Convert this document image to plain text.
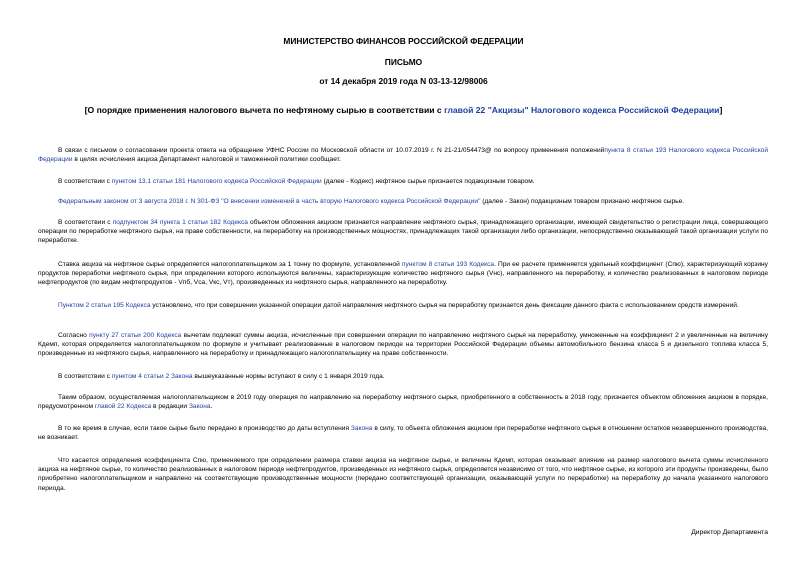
МИНИСТЕРСТВО ФИНАНСОВ РОССИЙСКОЙ ФЕДЕРАЦИИ
ПИСЬМО
от 14 декабря 2019 года N 03-13-12/98006
[О порядке применения налогового вычета по нефтяному сырью в соответствии с главой 22 "Акцизы" Налогового кодекса Российской Федерации]
В связи с письмом о согласовании проекта ответа на обращение УФНС России по Московской области от 10.07.2019 г. N 21-21/054473@ по вопросу применения положенийпункта 8 статьи 193 Налогового кодекса Российской Федерации в целях исчисления акциза Департамент налоговой и таможенной политики сообщает.
В соответствии с пунктом 13.1 статьи 181 Налогового кодекса Российской Федерации (далее - Кодекс) нефтяное сырье признается подакцизным товаром.
Федеральным законом от 3 августа 2018 г. N 301-ФЗ "О внесении изменений в часть вторую Налогового кодекса Российской Федерации" (далее - Закон) подакцизным товаром признано нефтяное сырье.
В соответствии с подпунктом 34 пункта 1 статьи 182 Кодекса объектом обложения акцизом признается направление нефтяного сырья, принадлежащего организации, имеющей свидетельство о регистрации лица, совершающего операции по переработке нефтяного сырья, на праве собственности, на переработку на производственных мощностях, принадлежащих такой организации либо организации, непосредственно оказывающей такой организации услуги по переработке.
Ставка акциза на нефтяное сырье определяется налогоплательщиком за 1 тонну по формуле, установленной пунктом 8 статьи 193 Кодекса. При ее расчете применяется удельный коэффициент (Спю), характеризующий корзину продуктов переработки нефтяного сырья, при определении которого используются величины, характеризующие количество нефтяного сырья (Vнс), направленного на переработку, и количество реализованных в налоговом периоде нефтепродуктов (по видам нефтепродуктов - Vпб, Vса, Vкс, Vт), произведенных из нефтяного сырья, направленного на переработку.
Пунктом 2 статьи 195 Кодекса установлено, что при совершении указанной операции датой направления нефтяного сырья на переработку признается день фиксации данного факта с использованием средств измерений.
Согласно пункту 27 статьи 200 Кодекса вычетам подлежат суммы акциза, исчисленные при совершении операции по направлению нефтяного сырья на переработку, умноженные на коэффициент 2 и увеличенные на величину Кдемп, которая определяется налогоплательщиком по формуле и учитывает реализованные в налоговом периоде на территории Российской Федерации объемы автомобильного бензина класса 5 и дизельного топлива класса 5, произведенные из нефтяного сырья, направленного на переработку и принадлежащего налогоплательщику на праве собственности.
В соответствии с пунктом 4 статьи 2 Закона вышеуказанные нормы вступают в силу с 1 января 2019 года.
Таким образом, осуществляемая налогоплательщиком в 2019 году операция по направлению на переработку нефтяного сырья, приобретенного в собственность в 2018 году, признается объектом обложения акцизом в порядке, предусмотренном главой 22 Кодекса в редакции Закона.
В то же время в случае, если такое сырье было передано в производство до даты вступления Закона в силу, то объекта обложения акцизом при переработке нефтяного сырья в отношении остатков незавершенного производства, не возникает.
Что касается определения коэффициента Спю, применяемого при определении размера ставки акциза на нефтяное сырье, и величины Кдемп, которая оказывает влияние на размер налогового вычета суммы исчисленного акциза на нефтяное сырье, то количество реализованных в налоговом периоде нефтепродуктов, произведенных из нефтяного сырья, определяется независимо от того, что нефтяное сырье, из которого эти продукты произведены, было приобретено налогоплательщиком и направлено на соответствующие производственные мощности (передано соответствующей организации, оказывающей услуги по переработке) на переработку до начала указанного налогового периода.
Директор Департамента
